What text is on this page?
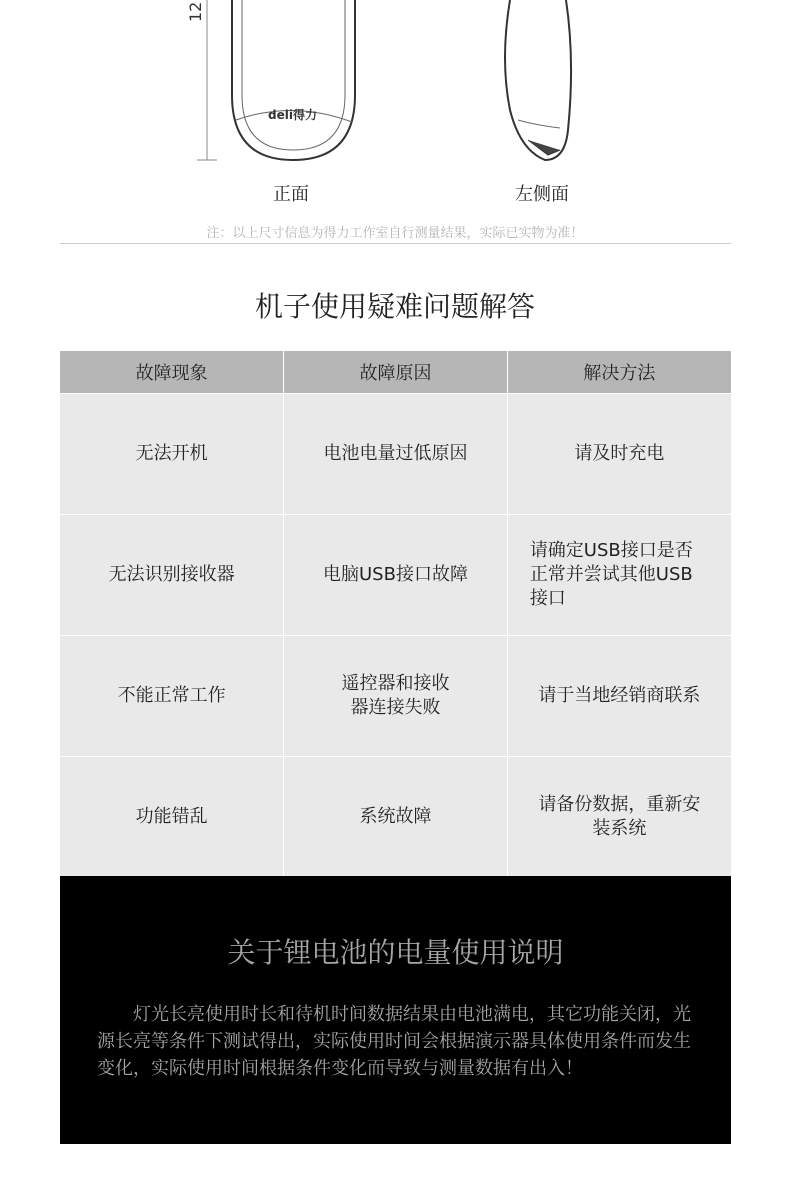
12
deli得力
正面	左侧面
注：以上尺寸信息为得力工作室自行测量结果，实际已实物为准！
机子使用疑难问题解答
故障现象	故障原因	解决方法
无法开机	电池电量过低原因	请及时充电
无法识别接收器	电脑USB接口故障	请确定USB接口是否正常并尝试其他USB接口
不能正常工作	遥控器和接收器连接失败	请于当地经销商联系
功能错乱	系统故障	请备份数据，重新安装系统
关于锂电池的电量使用说明
灯光长亮使用时长和待机时间数据结果由电池满电，其它功能关闭，光源长亮等条件下测试得出，实际使用时间会根据演示器具体使用条件而发生变化，实际使用时间根据条件变化而导致与测量数据有出入！
